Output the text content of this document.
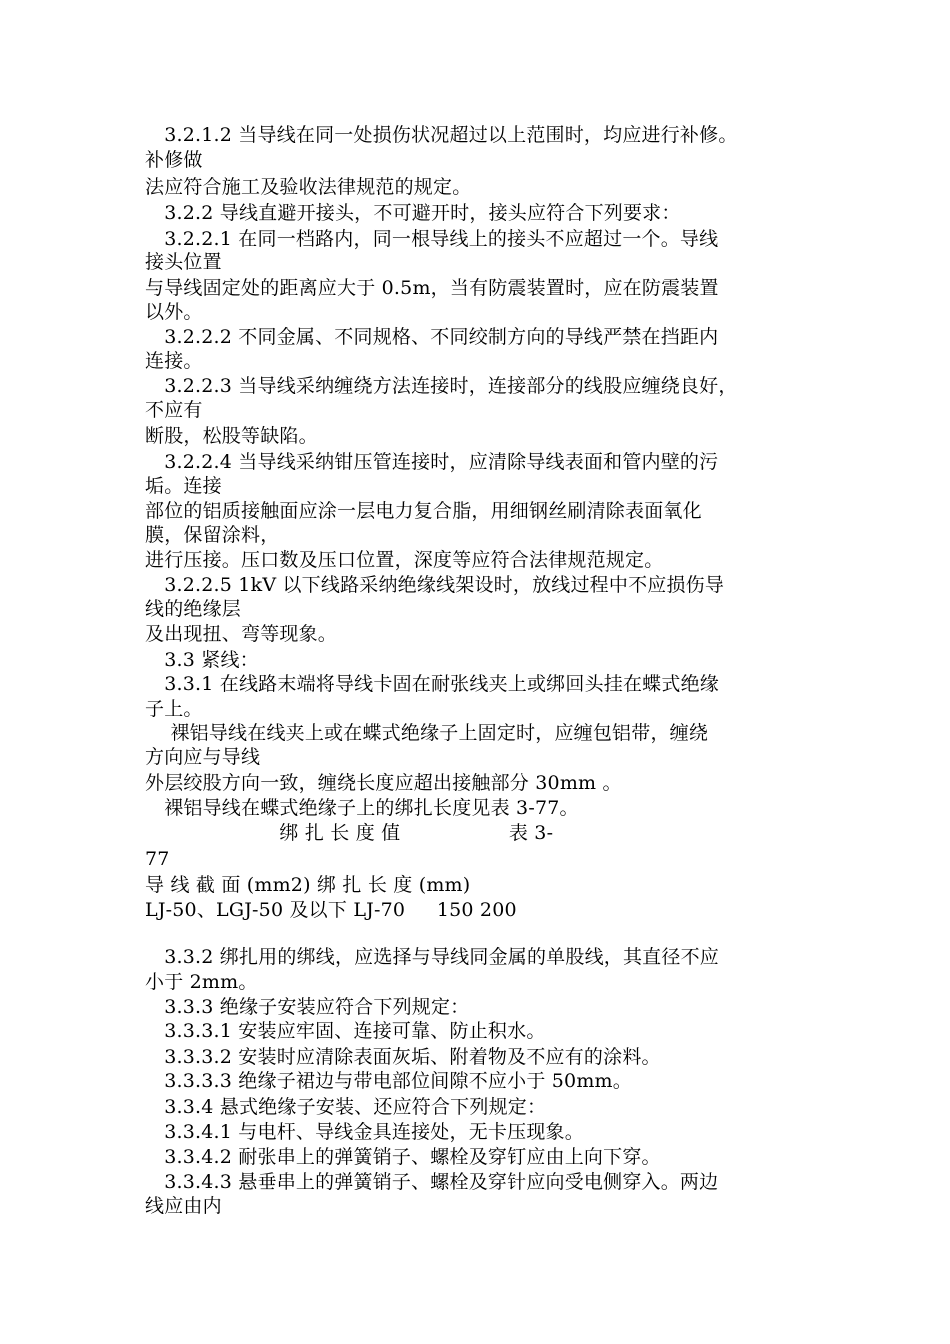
　3.2.1.2 当导线在同一处损伤状况超过以上范围时，均应进行补修。
补修做
法应符合施工及验收法律规范的规定。
　3.2.2 导线直避开接头，不可避开时，接头应符合下列要求：
　3.2.2.1 在同一档路内，同一根导线上的接头不应超过一个。导线
接头位置
与导线固定处的距离应大于 0.5m，当有防震装置时，应在防震装置
以外。
　3.2.2.2 不同金属、不同规格、不同绞制方向的导线严禁在挡距内
连接。
　3.2.2.3 当导线采纳缠绕方法连接时，连接部分的线股应缠绕良好，
不应有
断股，松股等缺陷。
　3.2.2.4 当导线采纳钳压管连接时，应清除导线表面和管内壁的污
垢。连接
部位的铝质接触面应涂一层电力复合脂，用细钢丝刷清除表面氧化
膜，保留涂料，
进行压接。压口数及压口位置，深度等应符合法律规范规定。
　3.2.2.5 1kV 以下线路采纳绝缘线架设时，放线过程中不应损伤导
线的绝缘层
及出现扭、弯等现象。
　3.3 紧线：
　3.3.1 在线路末端将导线卡固在耐张线夹上或绑回头挂在蝶式绝缘
子上。
　 裸铝导线在线夹上或在蝶式绝缘子上固定时，应缠包铝带，缠绕
方向应与导线
外层绞股方向一致，缠绕长度应超出接触部分 30mm 。
　裸铝导线在蝶式绝缘子上的绑扎长度见表 3-77。
　　　　　　　绑 扎 长 度 值 　　　　　 表 3-
77
导 线 截 面 (mm2) 绑 扎 长 度 (mm)
LJ-50、LGJ-50 及以下 LJ-70 　 150 200
　3.3.2 绑扎用的绑线，应选择与导线同金属的单股线，其直径不应
小于 2mm。
　3.3.3 绝缘子安装应符合下列规定：
　3.3.3.1 安装应牢固、连接可靠、防止积水。
　3.3.3.2 安装时应清除表面灰垢、附着物及不应有的涂料。
　3.3.3.3 绝缘子裙边与带电部位间隙不应小于 50mm。
　3.3.4 悬式绝缘子安装、还应符合下列规定：
　3.3.4.1 与电杆、导线金具连接处，无卡压现象。
　3.3.4.2 耐张串上的弹簧销子、螺栓及穿钉应由上向下穿。
　3.3.4.3 悬垂串上的弹簧销子、螺栓及穿针应向受电侧穿入。两边
线应由内
